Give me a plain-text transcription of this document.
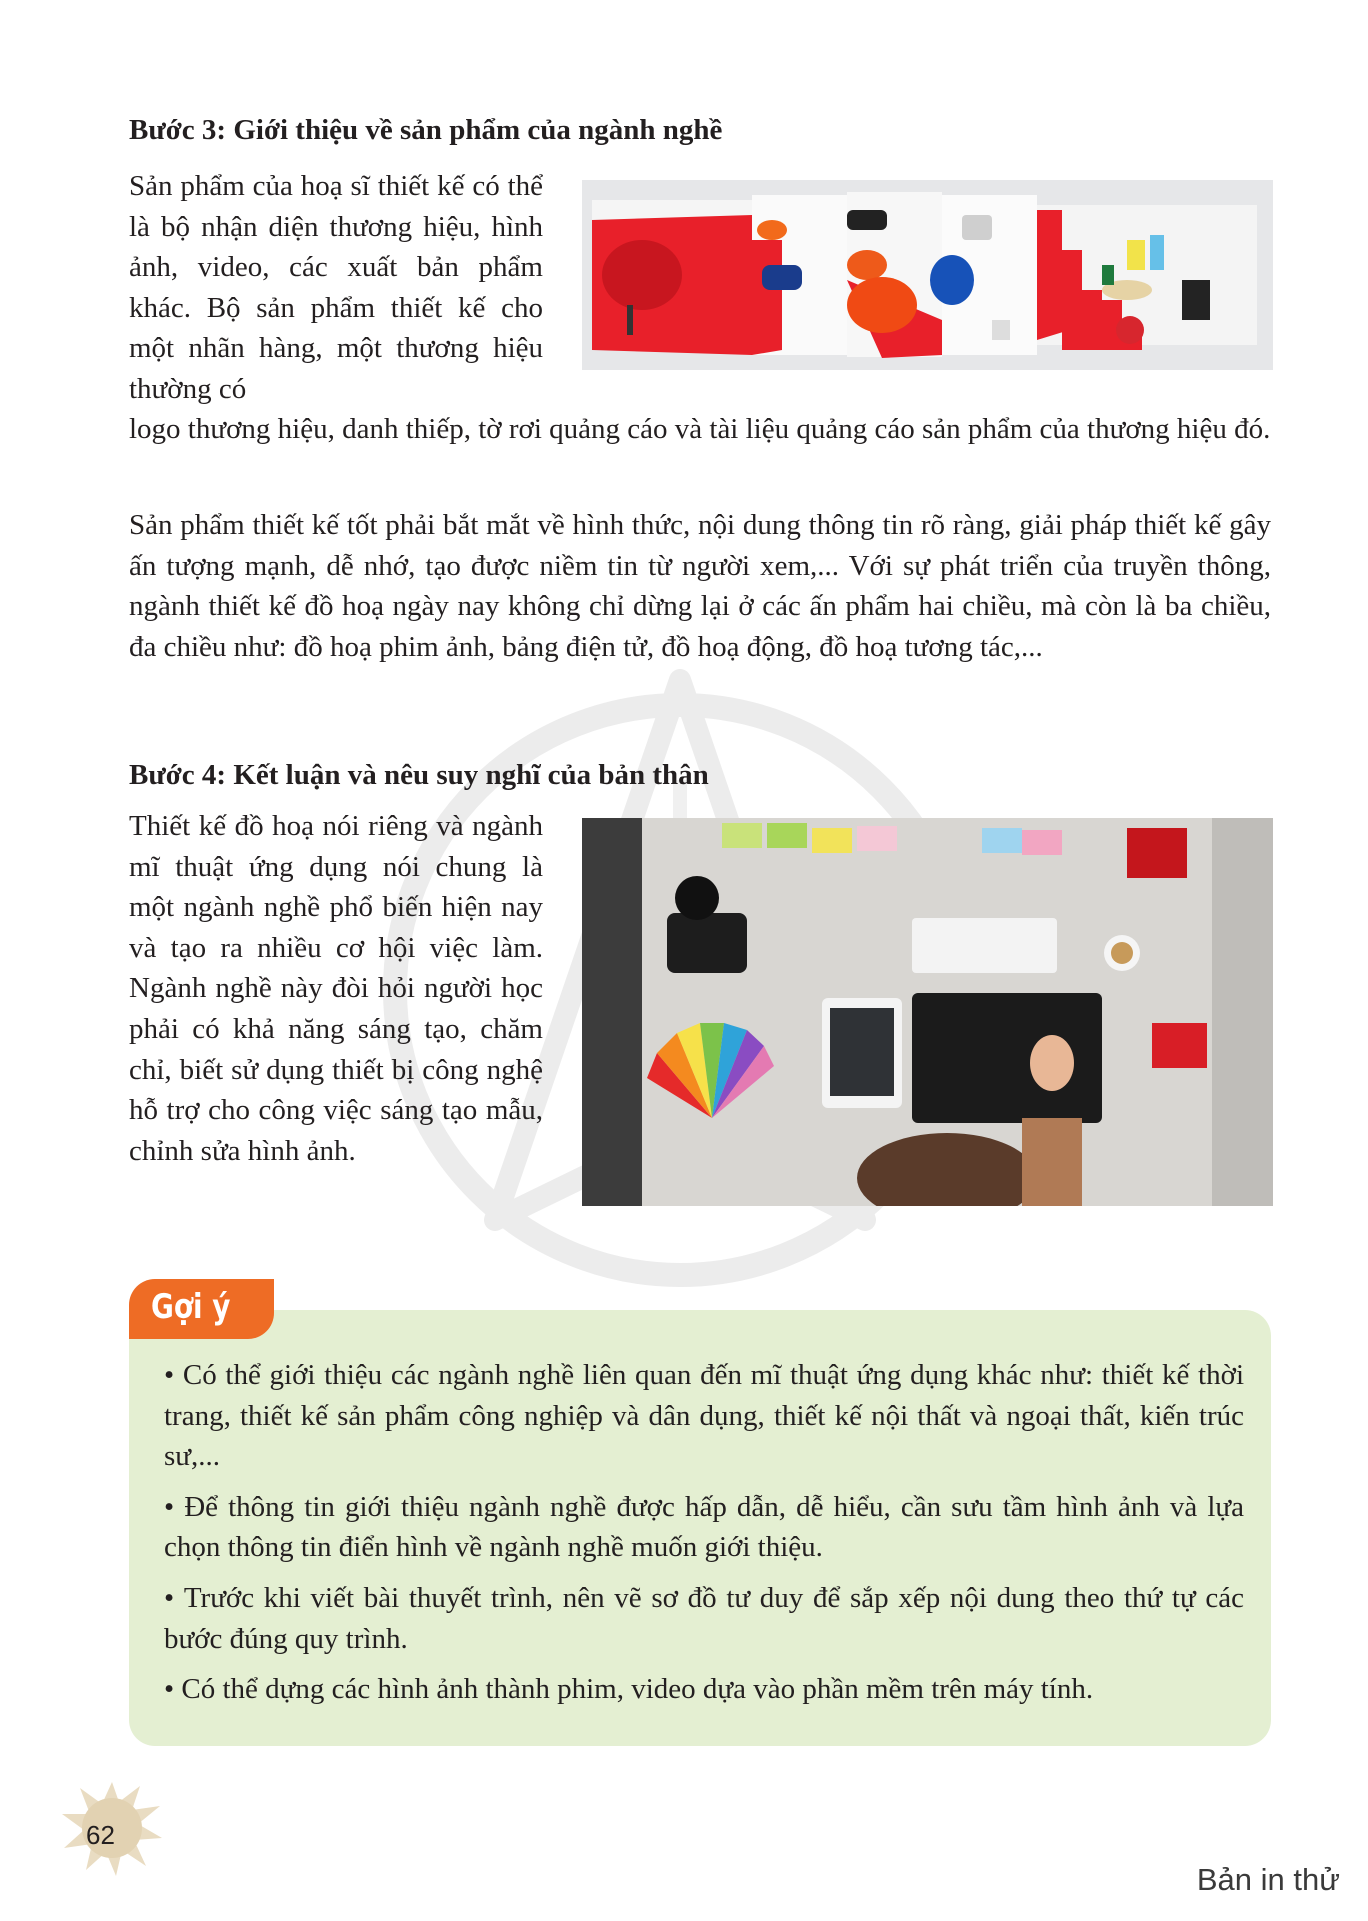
Bước 3: Giới thiệu về sản phẩm của ngành nghề

Sản phẩm của hoạ sĩ thiết kế có thể là bộ nhận diện thương hiệu, hình ảnh, video, các xuất bản phẩm khác. Bộ sản phẩm thiết kế cho một nhãn hàng, một thương hiệu thường có

logo thương hiệu, danh thiếp, tờ rơi quảng cáo và tài liệu quảng cáo sản phẩm của thương hiệu đó.

Sản phẩm thiết kế tốt phải bắt mắt về hình thức, nội dung thông tin rõ ràng, giải pháp thiết kế gây ấn tượng mạnh, dễ nhớ, tạo được niềm tin từ người xem,... Với sự phát triển của truyền thông, ngành thiết kế đồ hoạ ngày nay không chỉ dừng lại ở các ấn phẩm hai chiều, mà còn là ba chiều, đa chiều như: đồ hoạ phim ảnh, bảng điện tử, đồ hoạ động, đồ hoạ tương tác,...

Bước 4: Kết luận và nêu suy nghĩ của bản thân

Thiết kế đồ hoạ nói riêng và ngành mĩ thuật ứng dụng nói chung là một ngành nghề phổ biến hiện nay và tạo ra nhiều cơ hội việc làm. Ngành nghề này đòi hỏi người học phải có khả năng sáng tạo, chăm chỉ, biết sử dụng thiết bị công nghệ hỗ trợ cho công việc sáng tạo mẫu, chỉnh sửa hình ảnh.

Gợi ý
• Có thể giới thiệu các ngành nghề liên quan đến mĩ thuật ứng dụng khác như: thiết kế thời trang, thiết kế sản phẩm công nghiệp và dân dụng, thiết kế nội thất và ngoại thất, kiến trúc sư,...
• Để thông tin giới thiệu ngành nghề được hấp dẫn, dễ hiểu, cần sưu tầm hình ảnh và lựa chọn thông tin điển hình về ngành nghề muốn giới thiệu.
• Trước khi viết bài thuyết trình, nên vẽ sơ đồ tư duy để sắp xếp nội dung theo thứ tự các bước đúng quy trình.
• Có thể dựng các hình ảnh thành phim, video dựa vào phần mềm trên máy tính.
62
Bản in thử
